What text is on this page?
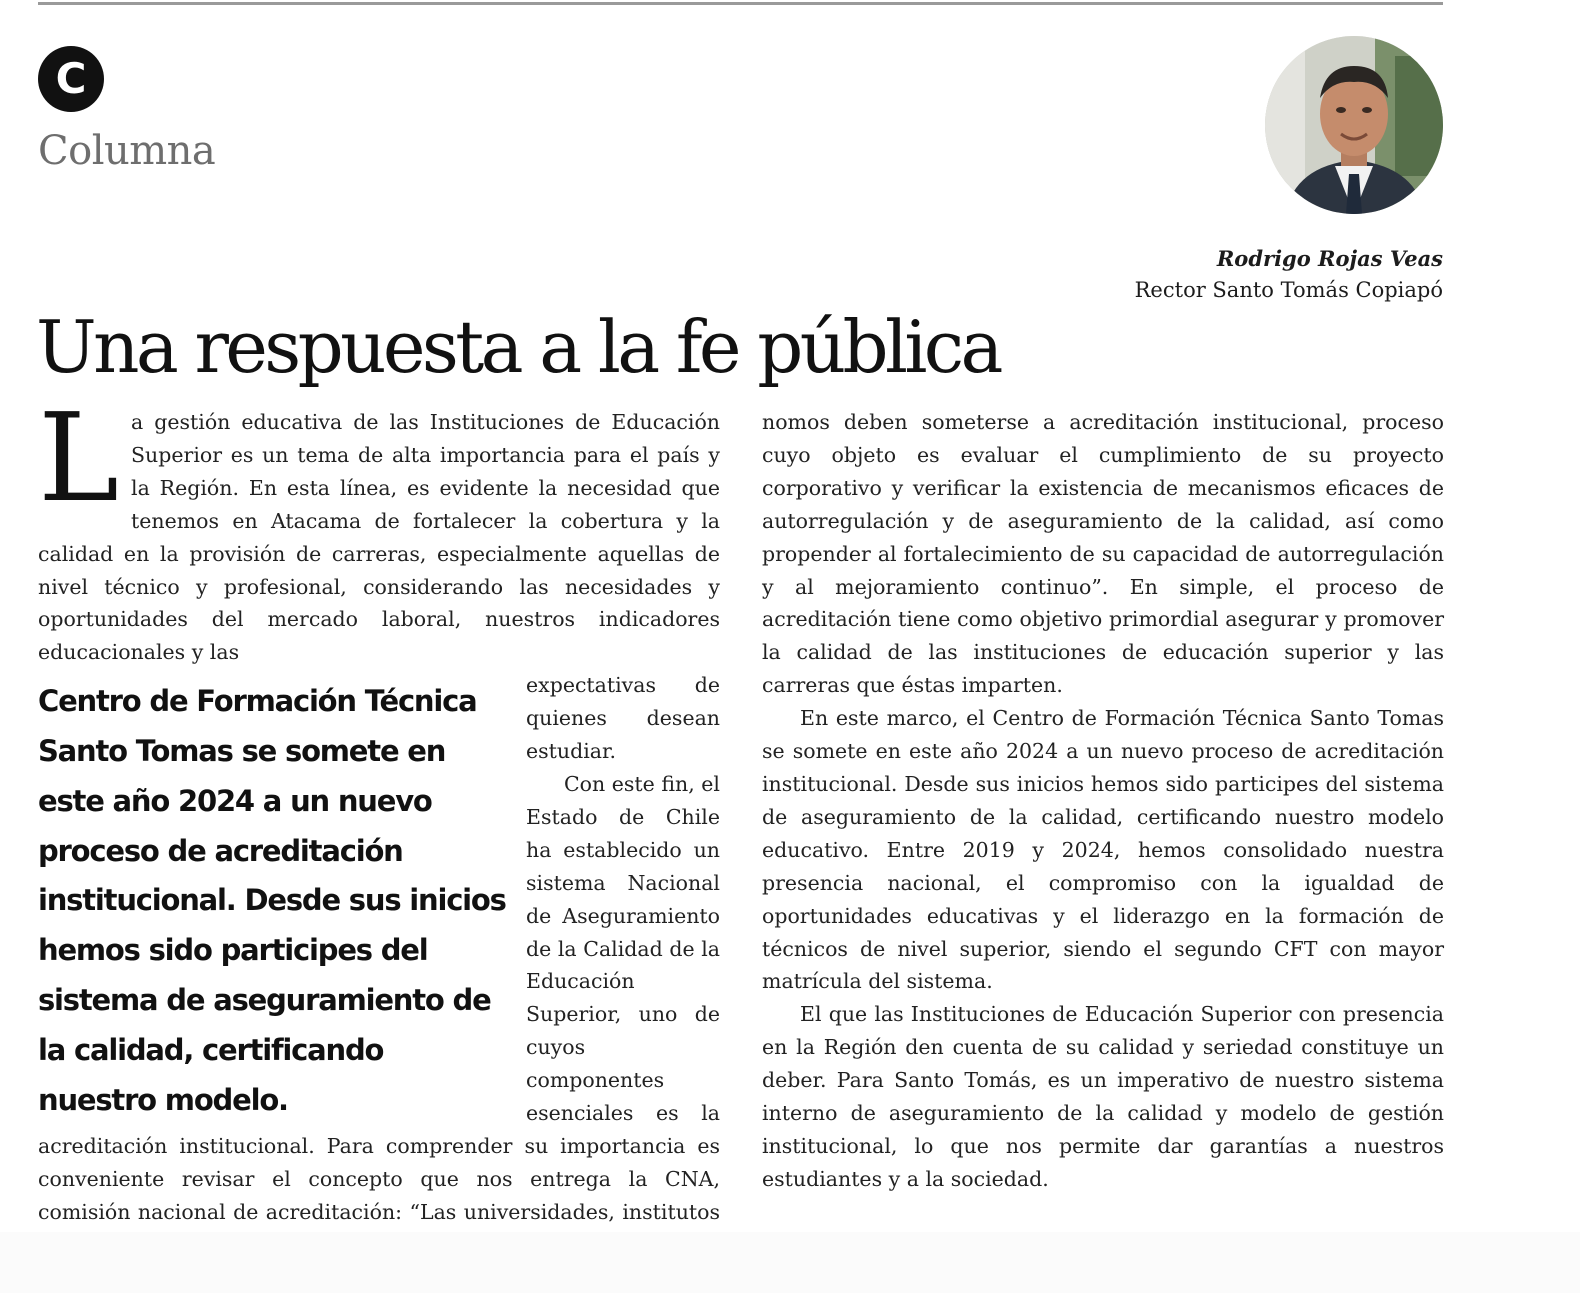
C
Columna
Rodrigo Rojas Veas
Rector Santo Tomás Copiapó
Una respuesta a la fe pública
L a gestión educativa de las Instituciones de Educación Superior es un tema de alta importancia para el país y la Región. En esta línea, es evidente la necesidad que tenemos en Atacama de fortalecer la cobertura y la calidad en la provisión de carreras, especialmente aquellas de nivel técnico y profesional, considerando las necesidades y oportunidades del mercado laboral, nuestros indicadores educacionales y las

Centro de Formación Técnica Santo Tomas se somete en este año 2024 a un nuevo proceso de acreditación institucional. Desde sus inicios hemos sido participes del sistema de aseguramiento de la calidad, certificando nuestro modelo.

expectativas de quienes desean estudiar.

Con este fin, el Estado de Chile ha establecido un sistema Nacional de Aseguramiento de la Calidad de la Educación Superior, uno de cuyos componentes esenciales es la acreditación institucional. Para comprender su importancia es conveniente revisar el concepto que nos entrega la CNA, comisión nacional de acreditación: “Las universidades, institutos

nomos deben someterse a acreditación institucional, proceso cuyo objeto es evaluar el cumplimiento de su proyecto corporativo y verificar la existencia de mecanismos eficaces de autorregulación y de aseguramiento de la calidad, así como propender al fortalecimiento de su capacidad de autorregulación y al mejoramiento continuo”. En simple, el proceso de acreditación tiene como objetivo primordial asegurar y promover la calidad de las instituciones de educación superior y las carreras que éstas imparten.

En este marco, el Centro de Formación Técnica Santo Tomas se somete en este año 2024 a un nuevo proceso de acreditación institucional. Desde sus inicios hemos sido participes del sistema de aseguramiento de la calidad, certificando nuestro modelo educativo. Entre 2019 y 2024, hemos consolidado nuestra presencia nacional, el compromiso con la igualdad de oportunidades educativas y el liderazgo en la formación de técnicos de nivel superior, siendo el segundo CFT con mayor matrícula del sistema.

El que las Instituciones de Educación Superior con presencia en la Región den cuenta de su calidad y seriedad constituye un deber. Para Santo Tomás, es un imperativo de nuestro sistema interno de aseguramiento de la calidad y modelo de gestión institucional, lo que nos permite dar garantías a nuestros estudiantes y a la sociedad.
